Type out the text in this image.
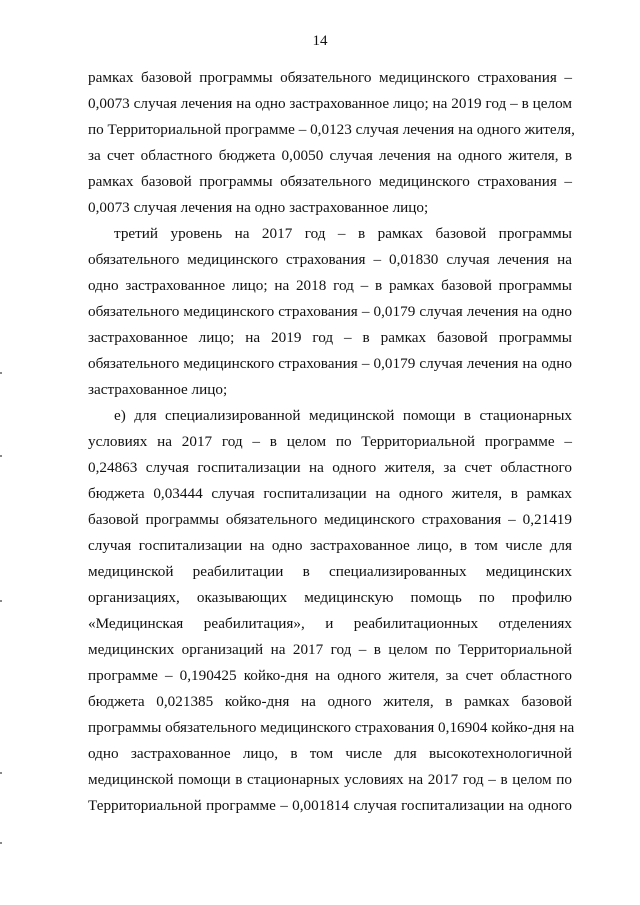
14
рамках базовой программы обязательного медицинского страхования –
0,0073 случая лечения на одно застрахованное лицо; на 2019 год – в целом
по Территориальной программе – 0,0123 случая лечения на одного жителя,
за счет областного бюджета 0,0050 случая лечения на одного жителя, в
рамках базовой программы обязательного медицинского страхования –
0,0073 случая лечения на одно застрахованное лицо;
третий уровень на 2017 год – в рамках базовой программы
обязательного медицинского страхования – 0,01830 случая лечения на
одно застрахованное лицо; на 2018 год – в рамках базовой программы
обязательного медицинского страхования – 0,0179 случая лечения на одно
застрахованное лицо; на 2019 год – в рамках базовой программы
обязательного медицинского страхования – 0,0179 случая лечения на одно
застрахованное лицо;
е) для специализированной медицинской помощи в стационарных
условиях на 2017 год – в целом по Территориальной программе –
0,24863 случая госпитализации на одного жителя, за счет областного
бюджета 0,03444 случая госпитализации на одного жителя, в рамках
базовой программы обязательного медицинского страхования – 0,21419
случая госпитализации на одно застрахованное лицо, в том числе для
медицинской реабилитации в специализированных медицинских
организациях, оказывающих медицинскую помощь по профилю
«Медицинская реабилитация», и реабилитационных отделениях
медицинских организаций на 2017 год – в целом по Территориальной
программе – 0,190425 койко-дня на одного жителя, за счет областного
бюджета 0,021385 койко-дня на одного жителя, в рамках базовой
программы обязательного медицинского страхования 0,16904 койко-дня на
одно застрахованное лицо, в том числе для высокотехнологичной
медицинской помощи в стационарных условиях на 2017 год – в целом по
Территориальной программе – 0,001814 случая госпитализации на одного
